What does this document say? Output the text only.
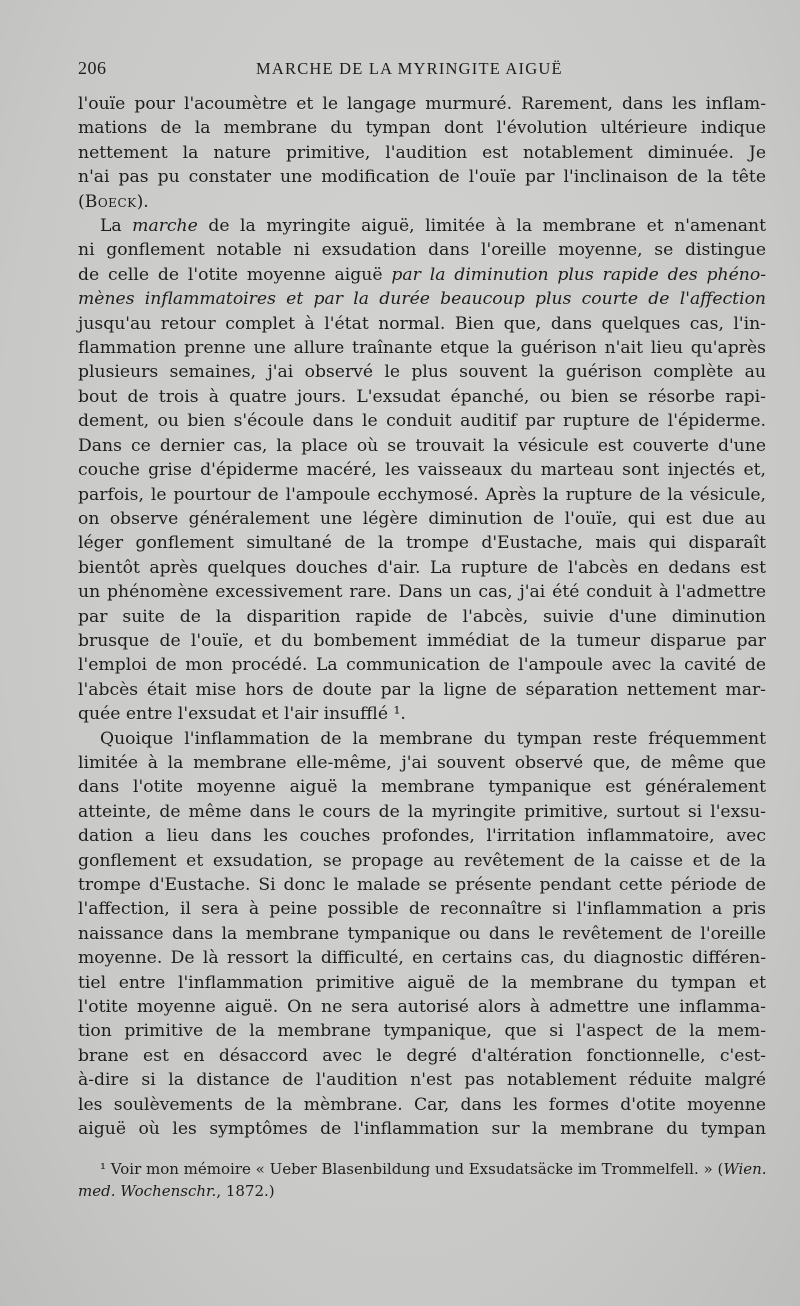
206	MARCHE DE LA MYRINGITE AIGUË

l'ouïe pour l'acoumètre et le langage murmuré. Rarement, dans les inflam-

mations de la membrane du tympan dont l'évolution ultérieure indique

nettement la nature primitive, l'audition est notablement diminuée. Je

n'ai pas pu constater une modification de l'ouïe par l'inclinaison de la tête

(Boeck).

La marche de la myringite aiguë, limitée à la membrane et n'amenant

ni gonflement notable ni exsudation dans l'oreille moyenne, se distingue

de celle de l'otite moyenne aiguë par la diminution plus rapide des phéno-

mènes inflammatoires et par la durée beaucoup plus courte de l'affection

jusqu'au retour complet à l'état normal. Bien que, dans quelques cas, l'in-

flammation prenne une allure traînante etque la guérison n'ait lieu qu'après

plusieurs semaines, j'ai observé le plus souvent la guérison complète au

bout de trois à quatre jours. L'exsudat épanché, ou bien se résorbe rapi-

dement, ou bien s'écoule dans le conduit auditif par rupture de l'épiderme.

Dans ce dernier cas, la place où se trouvait la vésicule est couverte d'une

couche grise d'épiderme macéré, les vaisseaux du marteau sont injectés et,

parfois, le pourtour de l'ampoule ecchymosé. Après la rupture de la vésicule,

on observe généralement une légère diminution de l'ouïe, qui est due au

léger gonflement simultané de la trompe d'Eustache, mais qui disparaît

bientôt après quelques douches d'air. La rupture de l'abcès en dedans est

un phénomène excessivement rare. Dans un cas, j'ai été conduit à l'admettre

par suite de la disparition rapide de l'abcès, suivie d'une diminution

brusque de l'ouïe, et du bombement immédiat de la tumeur disparue par

l'emploi de mon procédé. La communication de l'ampoule avec la cavité de

l'abcès était mise hors de doute par la ligne de séparation nettement mar-

quée entre l'exsudat et l'air insufflé ¹.

Quoique l'inflammation de la membrane du tympan reste fréquemment

limitée à la membrane elle-même, j'ai souvent observé que, de même que

dans l'otite moyenne aiguë la membrane tympanique est généralement

atteinte, de même dans le cours de la myringite primitive, surtout si l'exsu-

dation a lieu dans les couches profondes, l'irritation inflammatoire, avec

gonflement et exsudation, se propage au revêtement de la caisse et de la

trompe d'Eustache. Si donc le malade se présente pendant cette période de

l'affection, il sera à peine possible de reconnaître si l'inflammation a pris

naissance dans la membrane tympanique ou dans le revêtement de l'oreille

moyenne. De là ressort la difficulté, en certains cas, du diagnostic différen-

tiel entre l'inflammation primitive aiguë de la membrane du tympan et

l'otite moyenne aiguë. On ne sera autorisé alors à admettre une inflamma-

tion primitive de la membrane tympanique, que si l'aspect de la mem-

brane est en désaccord avec le degré d'altération fonctionnelle, c'est-

à-dire si la distance de l'audition n'est pas notablement réduite malgré

les soulèvements de la mèmbrane. Car, dans les formes d'otite moyenne

aiguë où les symptômes de l'inflammation sur la membrane du tympan

¹ Voir mon mémoire « Ueber Blasenbildung und Exsudatsäcke im Trommelfell. » (Wien.

med. Wochenschr., 1872.)
